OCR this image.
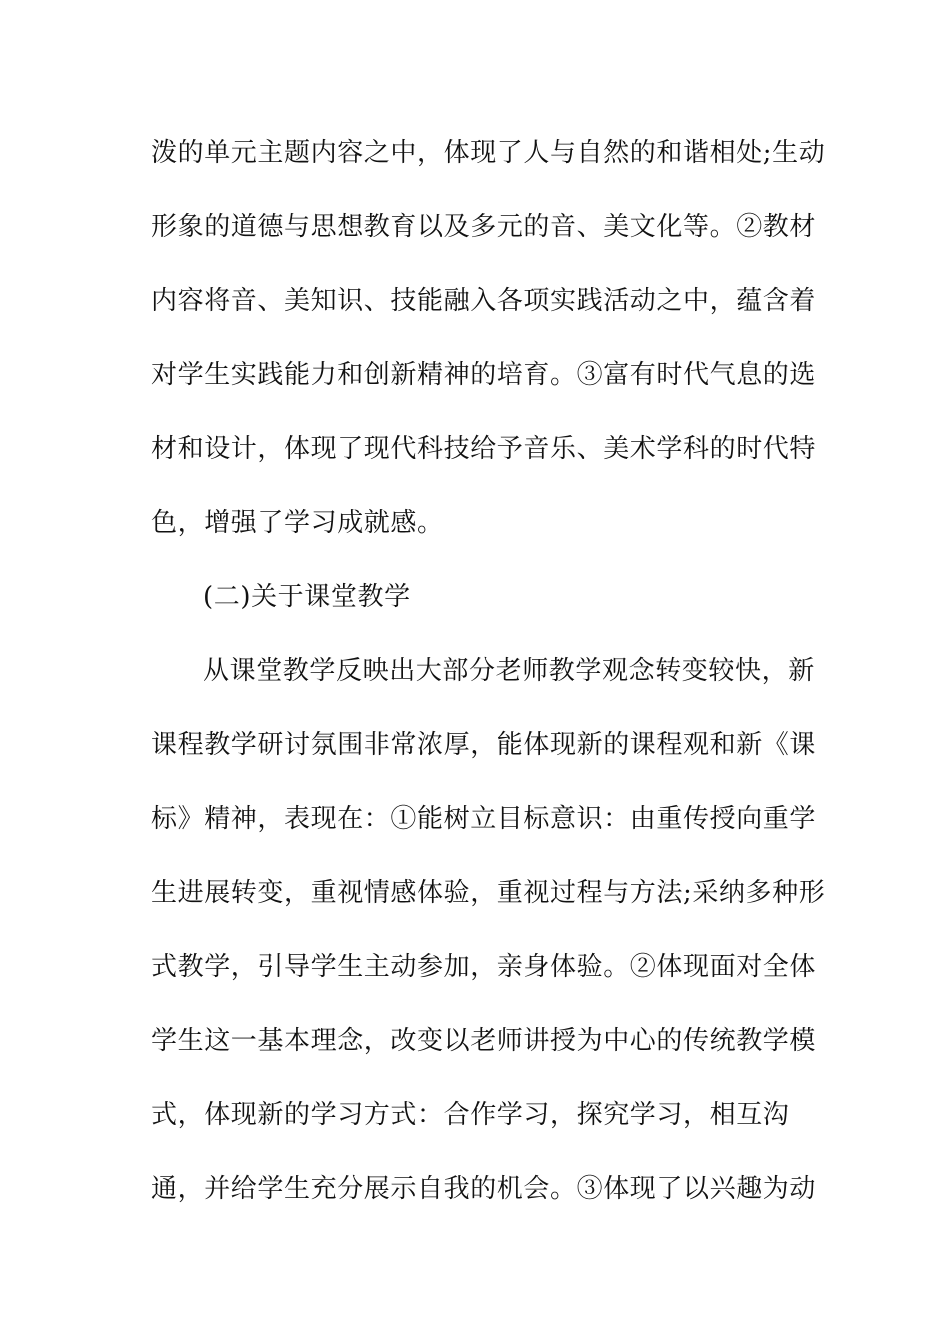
泼的单元主题内容之中，体现了人与自然的和谐相处;生动
形象的道德与思想教育以及多元的音、美文化等。②教材
内容将音、美知识、技能融入各项实践活动之中，蕴含着
对学生实践能力和创新精神的培育。③富有时代气息的选
材和设计，体现了现代科技给予音乐、美术学科的时代特
色，增强了学习成就感。
(二)关于课堂教学
从课堂教学反映出大部分老师教学观念转变较快，新
课程教学研讨氛围非常浓厚，能体现新的课程观和新《课
标》精神，表现在：①能树立目标意识：由重传授向重学
生进展转变，重视情感体验，重视过程与方法;采纳多种形
式教学，引导学生主动参加，亲身体验。②体现面对全体
学生这一基本理念，改变以老师讲授为中心的传统教学模
式，体现新的学习方式：合作学习，探究学习，相互沟
通，并给学生充分展示自我的机会。③体现了以兴趣为动
